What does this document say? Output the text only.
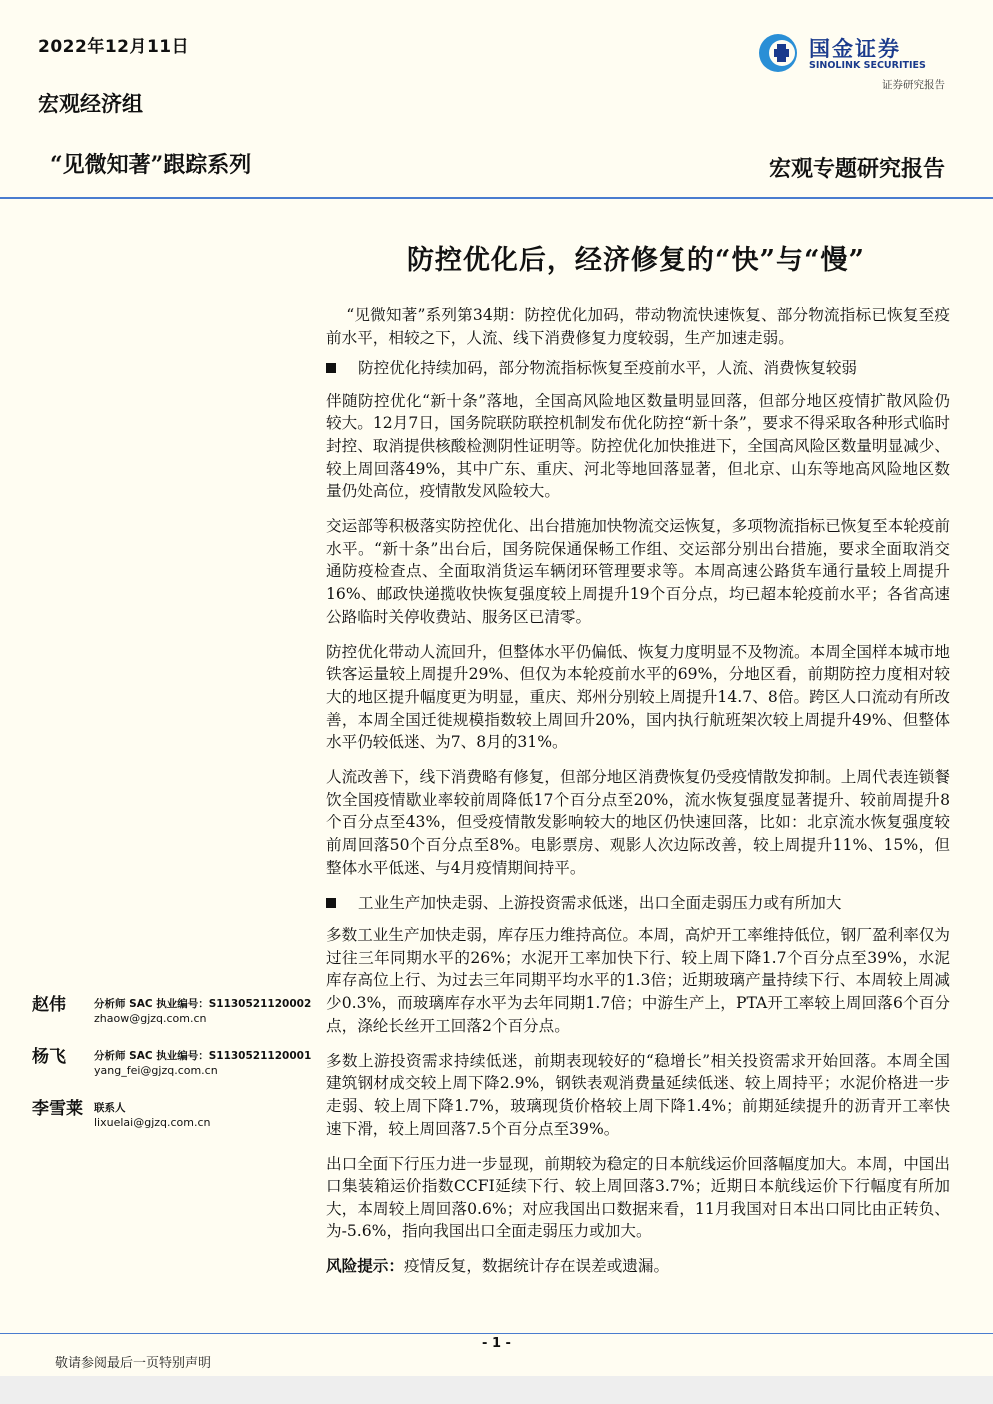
2022年12月11日
宏观经济组
“见微知著”跟踪系列
国金证券
SINOLINK SECURITIES
证券研究报告
宏观专题研究报告
防控优化后，经济修复的“快”与“慢”

“见微知著”系列第34期：防控优化加码，带动物流快速恢复、部分物流指标已恢复至疫前水平，相较之下，人流、线下消费修复力度较弱，生产加速走弱。

防控优化持续加码，部分物流指标恢复至疫前水平，人流、消费恢复较弱

伴随防控优化“新十条”落地，全国高风险地区数量明显回落，但部分地区疫情扩散风险仍较大。12月7日，国务院联防联控机制发布优化防控“新十条”，要求不得采取各种形式临时封控、取消提供核酸检测阴性证明等。防控优化加快推进下，全国高风险区数量明显减少、较上周回落49%，其中广东、重庆、河北等地回落显著，但北京、山东等地高风险地区数量仍处高位，疫情散发风险较大。

交运部等积极落实防控优化、出台措施加快物流交运恢复，多项物流指标已恢复至本轮疫前水平。“新十条”出台后，国务院保通保畅工作组、交运部分别出台措施，要求全面取消交通防疫检查点、全面取消货运车辆闭环管理要求等。本周高速公路货车通行量较上周提升16%、邮政快递揽收快恢复强度较上周提升19个百分点，均已超本轮疫前水平；各省高速公路临时关停收费站、服务区已清零。

防控优化带动人流回升，但整体水平仍偏低、恢复力度明显不及物流。本周全国样本城市地铁客运量较上周提升29%、但仅为本轮疫前水平的69%，分地区看，前期防控力度相对较大的地区提升幅度更为明显，重庆、郑州分别较上周提升14.7、8倍。跨区人口流动有所改善，本周全国迁徙规模指数较上周回升20%，国内执行航班架次较上周提升49%、但整体水平仍较低迷、为7、8月的31%。

人流改善下，线下消费略有修复，但部分地区消费恢复仍受疫情散发抑制。上周代表连锁餐饮全国疫情歇业率较前周降低17个百分点至20%，流水恢复强度显著提升、较前周提升8个百分点至43%，但受疫情散发影响较大的地区仍快速回落，比如：北京流水恢复强度较前周回落50个百分点至8%。电影票房、观影人次边际改善，较上周提升11%、15%，但整体水平低迷、与4月疫情期间持平。

工业生产加快走弱、上游投资需求低迷，出口全面走弱压力或有所加大

多数工业生产加快走弱，库存压力维持高位。本周，高炉开工率维持低位，钢厂盈利率仅为过往三年同期水平的26%；水泥开工率加快下行、较上周下降1.7个百分点至39%，水泥库存高位上行、为过去三年同期平均水平的1.3倍；近期玻璃产量持续下行、本周较上周减少0.3%，而玻璃库存水平为去年同期1.7倍；中游生产上，PTA开工率较上周回落6个百分点，涤纶长丝开工回落2个百分点。

多数上游投资需求持续低迷，前期表现较好的“稳增长”相关投资需求开始回落。本周全国建筑钢材成交较上周下降2.9%，钢铁表观消费量延续低迷、较上周持平；水泥价格进一步走弱、较上周下降1.7%，玻璃现货价格较上周下降1.4%；前期延续提升的沥青开工率快速下滑，较上周回落7.5个百分点至39%。

出口全面下行压力进一步显现，前期较为稳定的日本航线运价回落幅度加大。本周，中国出口集装箱运价指数CCFI延续下行、较上周回落3.7%；近期日本航线运价下行幅度有所加大，本周较上周回落0.6%；对应我国出口数据来看，11月我国对日本出口同比由正转负、为-5.6%，指向我国出口全面走弱压力或加大。

风险提示：疫情反复，数据统计存在误差或遗漏。

赵伟	分析师 SAC 执业编号：S1130521120002
zhaow@gjzq.com.cn
杨飞	分析师 SAC 执业编号：S1130521120001
yang_fei@gjzq.com.cn
李雪莱 联系人
lixuelai@gjzq.com.cn
- 1 -
敬请参阅最后一页特别声明
